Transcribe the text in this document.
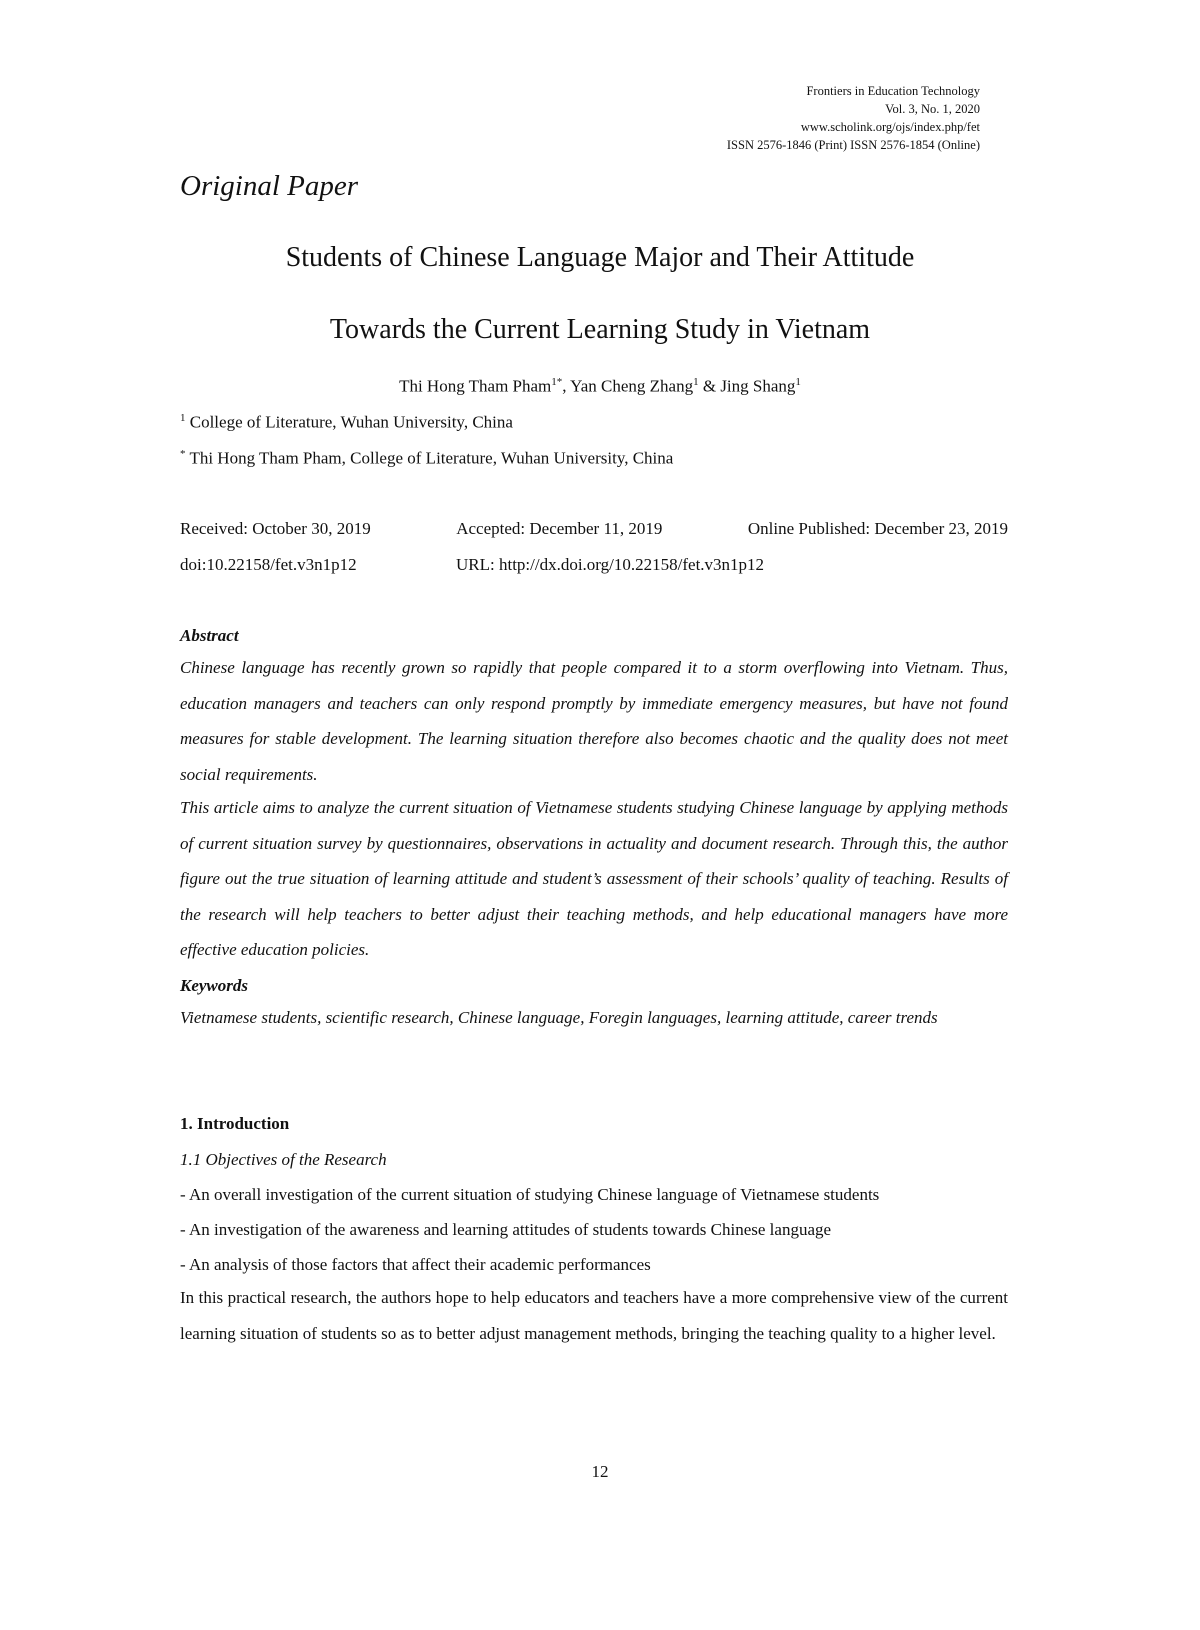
Frontiers in Education Technology
Vol. 3, No. 1, 2020
www.scholink.org/ojs/index.php/fet
ISSN 2576-1846 (Print) ISSN 2576-1854 (Online)
Original Paper
Students of Chinese Language Major and Their Attitude
Towards the Current Learning Study in Vietnam
Thi Hong Tham Pham$^{1*}$, Yan Cheng Zhang$^1$ & Jing Shang$^1$
$^1$ College of Literature, Wuhan University, China
* Thi Hong Tham Pham, College of Literature, Wuhan University, China
Received: October 30, 2019	Accepted: December 11, 2019	Online Published: December 23, 2019
doi:10.22158/fet.v3n1p12	URL: http://dx.doi.org/10.22158/fet.v3n1p12
Abstract
Chinese language has recently grown so rapidly that people compared it to a storm overflowing into Vietnam. Thus, education managers and teachers can only respond promptly by immediate emergency measures, but have not found measures for stable development. The learning situation therefore also becomes chaotic and the quality does not meet social requirements.
This article aims to analyze the current situation of Vietnamese students studying Chinese language by applying methods of current situation survey by questionnaires, observations in actuality and document research. Through this, the author figure out the true situation of learning attitude and student’s assessment of their schools’ quality of teaching. Results of the research will help teachers to better adjust their teaching methods, and help educational managers have more effective education policies.
Keywords
Vietnamese students, scientific research, Chinese language, Foregin languages, learning attitude, career trends
1. Introduction
1.1 Objectives of the Research
- An overall investigation of the current situation of studying Chinese language of Vietnamese students
- An investigation of the awareness and learning attitudes of students towards Chinese language
- An analysis of those factors that affect their academic performances
In this practical research, the authors hope to help educators and teachers have a more comprehensive view of the current learning situation of students so as to better adjust management methods, bringing the teaching quality to a higher level.
12
